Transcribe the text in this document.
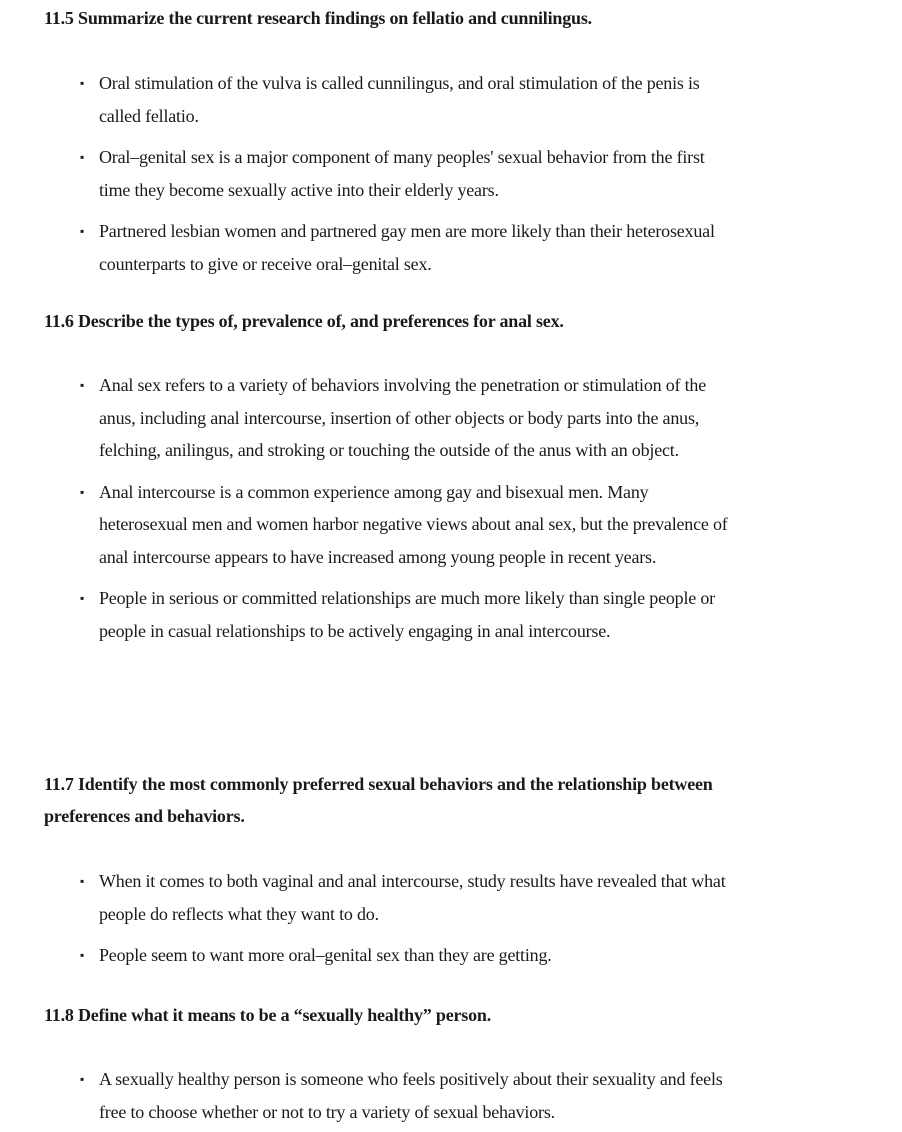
11.5 Summarize the current research findings on fellatio and cunnilingus.
▪ Oral stimulation of the vulva is called cunnilingus, and oral stimulation of the penis is called fellatio.
▪ Oral–genital sex is a major component of many peoples' sexual behavior from the first time they become sexually active into their elderly years.
▪ Partnered lesbian women and partnered gay men are more likely than their heterosexual counterparts to give or receive oral–genital sex.
11.6 Describe the types of, prevalence of, and preferences for anal sex.
▪ Anal sex refers to a variety of behaviors involving the penetration or stimulation of the anus, including anal intercourse, insertion of other objects or body parts into the anus, felching, anilingus, and stroking or touching the outside of the anus with an object.
▪ Anal intercourse is a common experience among gay and bisexual men. Many heterosexual men and women harbor negative views about anal sex, but the prevalence of anal intercourse appears to have increased among young people in recent years.
▪ People in serious or committed relationships are much more likely than single people or people in casual relationships to be actively engaging in anal intercourse.
11.7 Identify the most commonly preferred sexual behaviors and the relationship between preferences and behaviors.
▪ When it comes to both vaginal and anal intercourse, study results have revealed that what people do reflects what they want to do.
▪ People seem to want more oral–genital sex than they are getting.
11.8 Define what it means to be a “sexually healthy” person.
▪ A sexually healthy person is someone who feels positively about their sexuality and feels free to choose whether or not to try a variety of sexual behaviors.
